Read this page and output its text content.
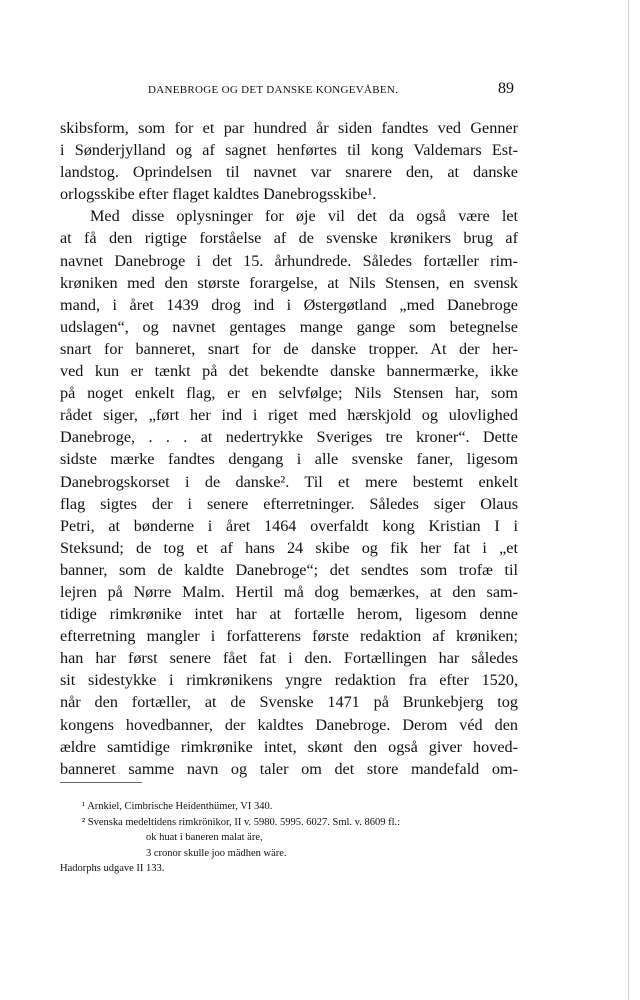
DANEBROGE OG DET DANSKE KONGEVÅBEN.	89
skibsform, som for et par hundred år siden fandtes ved Genner
i Sønderjylland og af sagnet henførtes til kong Valdemars Est-
landstog. Oprindelsen til navnet var snarere den, at danske
orlogsskibe efter flaget kaldtes Danebrogsskibe¹.
Med disse oplysninger for øje vil det da også være let
at få den rigtige forståelse af de svenske krønikers brug af
navnet Danebroge i det 15. århundrede. Således fortæller rim-
krøniken med den største forargelse, at Nils Stensen, en svensk
mand, i året 1439 drog ind i Østergøtland „med Danebroge
udslagen“, og navnet gentages mange gange som betegnelse
snart for banneret, snart for de danske tropper. At der her-
ved kun er tænkt på det bekendte danske bannermærke, ikke
på noget enkelt flag, er en selvfølge; Nils Stensen har, som
rådet siger, „ført her ind i riget med hærskjold og ulovlighed
Danebroge, . . . at nedertrykke Sveriges tre kroner“. Dette
sidste mærke fandtes dengang i alle svenske faner, ligesom
Danebrogskorset i de danske². Til et mere bestemt enkelt
flag sigtes der i senere efterretninger. Således siger Olaus
Petri, at bønderne i året 1464 overfaldt kong Kristian I i
Steksund; de tog et af hans 24 skibe og fik her fat i „et
banner, som de kaldte Danebroge“; det sendtes som trofæ til
lejren på Nørre Malm. Hertil må dog bemærkes, at den sam-
tidige rimkrønike intet har at fortælle herom, ligesom denne
efterretning mangler i forfatterens første redaktion af krøniken;
han har først senere fået fat i den. Fortællingen har således
sit sidestykke i rimkrønikens yngre redaktion fra efter 1520,
når den fortæller, at de Svenske 1471 på Brunkebjerg tog
kongens hovedbanner, der kaldtes Danebroge. Derom véd den
ældre samtidige rimkrønike intet, skønt den også giver hoved-
banneret samme navn og taler om det store mandefald om-
¹ Arnkiel, Cimbrische Heidenthümer, VI 340.
² Svenska medeltidens rimkrönikor, II v. 5980. 5995. 6027. Sml. v. 8609 fl.:
ok huat i baneren malat äre,
3 cronor skulle joo mädhen wäre.
Hadorphs udgave II 133.
